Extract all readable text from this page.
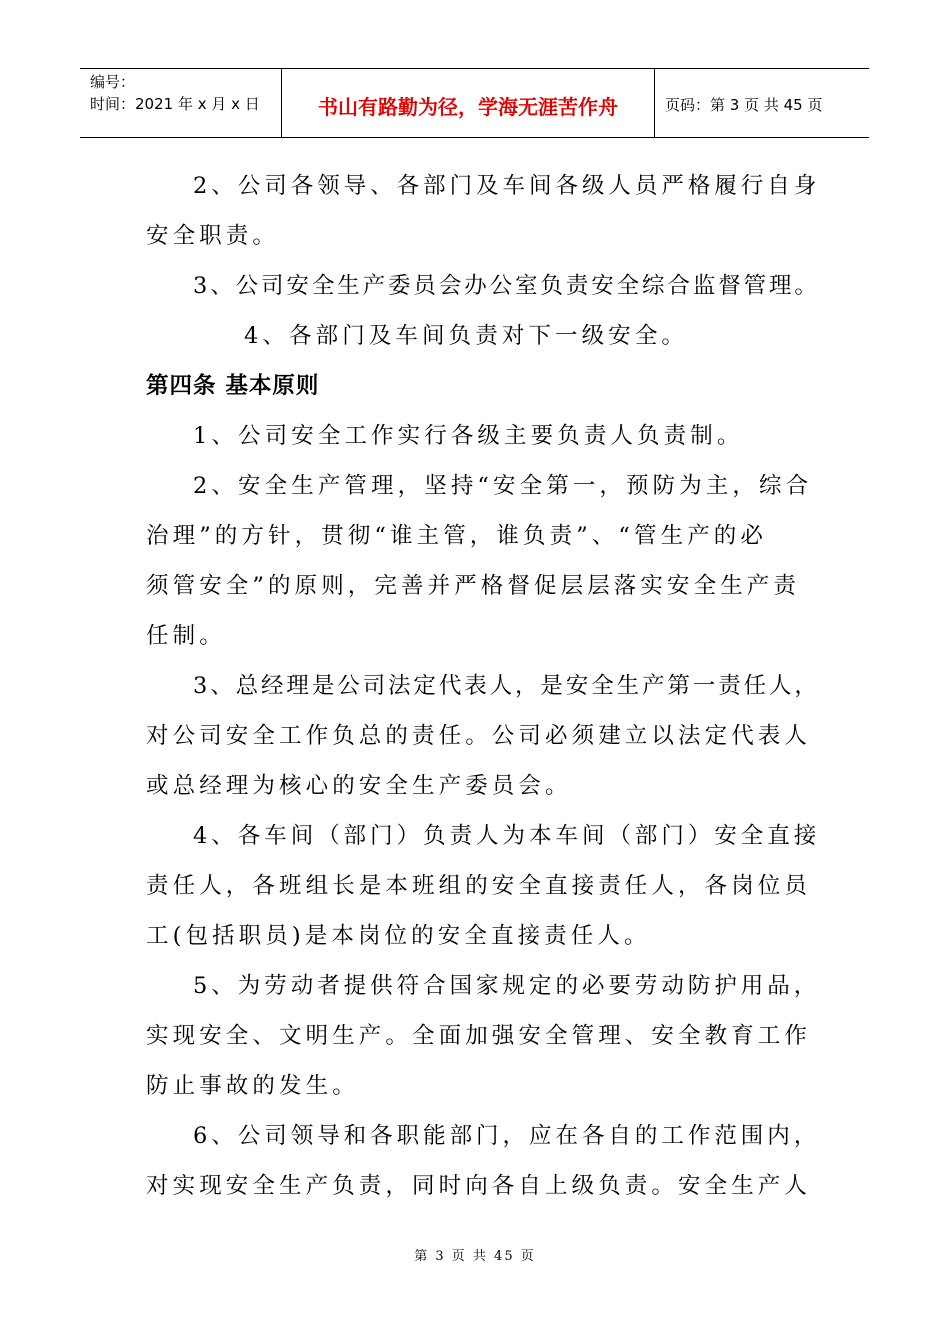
编号：
时间：2021 年 x 月 x 日	书山有路勤为径，学海无涯苦作舟	页码：第 3 页 共 45 页
2、公司各领导、各部门及车间各级人员严格履行自身
安全职责。
3、公司安全生产委员会办公室负责安全综合监督管理。
4、各部门及车间负责对下一级安全。
第四条 基本原则
1、公司安全工作实行各级主要负责人负责制。
2、安全生产管理，坚持“安全第一，预防为主，综合
治理”的方针，贯彻“谁主管，谁负责”、“管生产的必
须管安全”的原则，完善并严格督促层层落实安全生产责
任制。
3、总经理是公司法定代表人，是安全生产第一责任人，
对公司安全工作负总的责任。公司必须建立以法定代表人
或总经理为核心的安全生产委员会。
4、各车间（部门）负责人为本车间（部门）安全直接
责任人，各班组长是本班组的安全直接责任人，各岗位员
工(包括职员)是本岗位的安全直接责任人。
5、为劳动者提供符合国家规定的必要劳动防护用品，
实现安全、文明生产。全面加强安全管理、安全教育工作
防止事故的发生。
6、公司领导和各职能部门，应在各自的工作范围内，
对实现安全生产负责，同时向各自上级负责。安全生产人
第 3 页 共 45 页
